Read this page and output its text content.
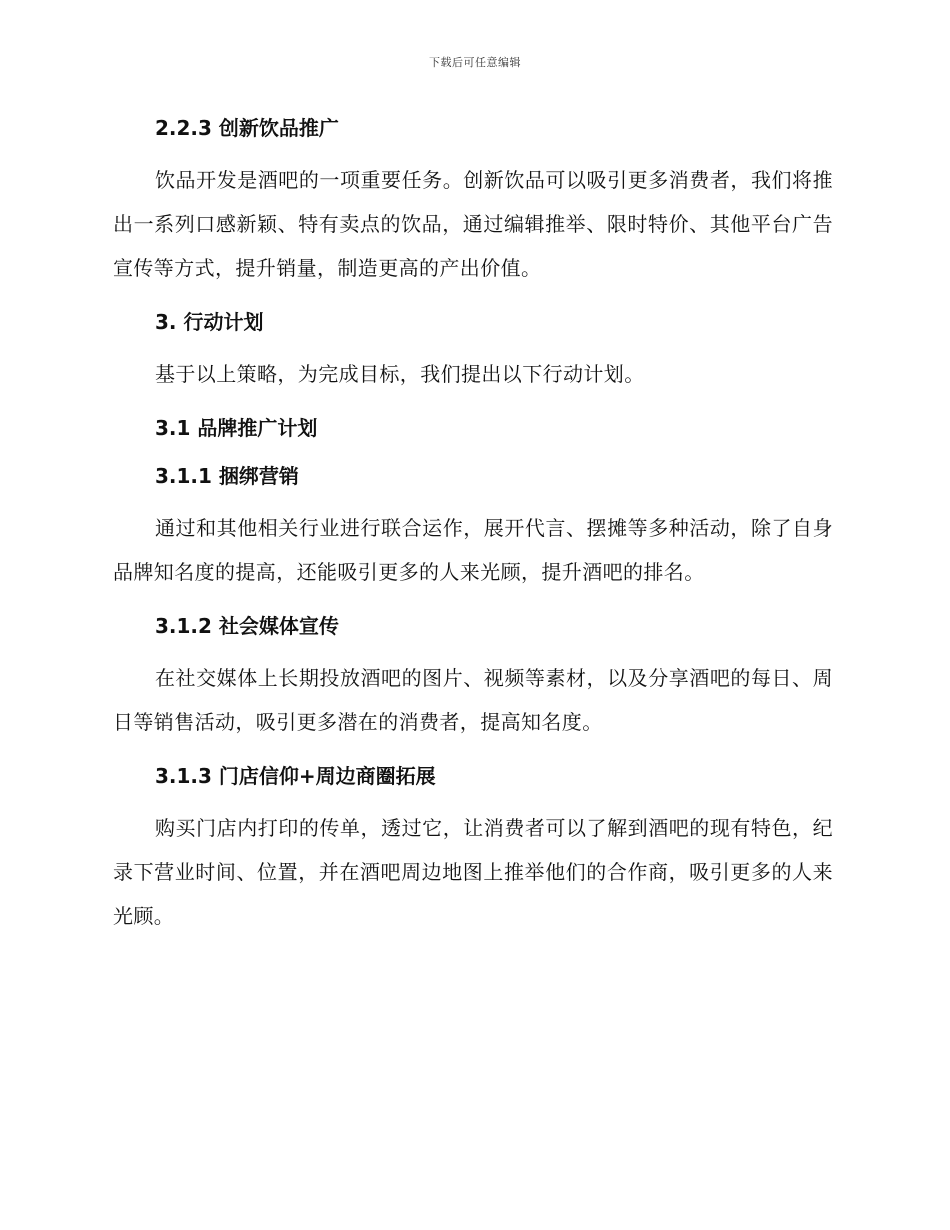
下载后可任意编辑
2.2.3 创新饮品推广

饮品开发是酒吧的一项重要任务。创新饮品可以吸引更多消费者，我们将推出一系列口感新颖、特有卖点的饮品，通过编辑推举、限时特价、其他平台广告宣传等方式，提升销量，制造更高的产出价值。

3. 行动计划

基于以上策略，为完成目标，我们提出以下行动计划。

3.1 品牌推广计划
3.1.1 捆绑营销

通过和其他相关行业进行联合运作，展开代言、摆摊等多种活动，除了自身品牌知名度的提高，还能吸引更多的人来光顾，提升酒吧的排名。

3.1.2 社会媒体宣传

在社交媒体上长期投放酒吧的图片、视频等素材，以及分享酒吧的每日、周日等销售活动，吸引更多潜在的消费者，提高知名度。

3.1.3 门店信仰+周边商圈拓展

购买门店内打印的传单，透过它，让消费者可以了解到酒吧的现有特色，纪录下营业时间、位置，并在酒吧周边地图上推举他们的合作商，吸引更多的人来光顾。
